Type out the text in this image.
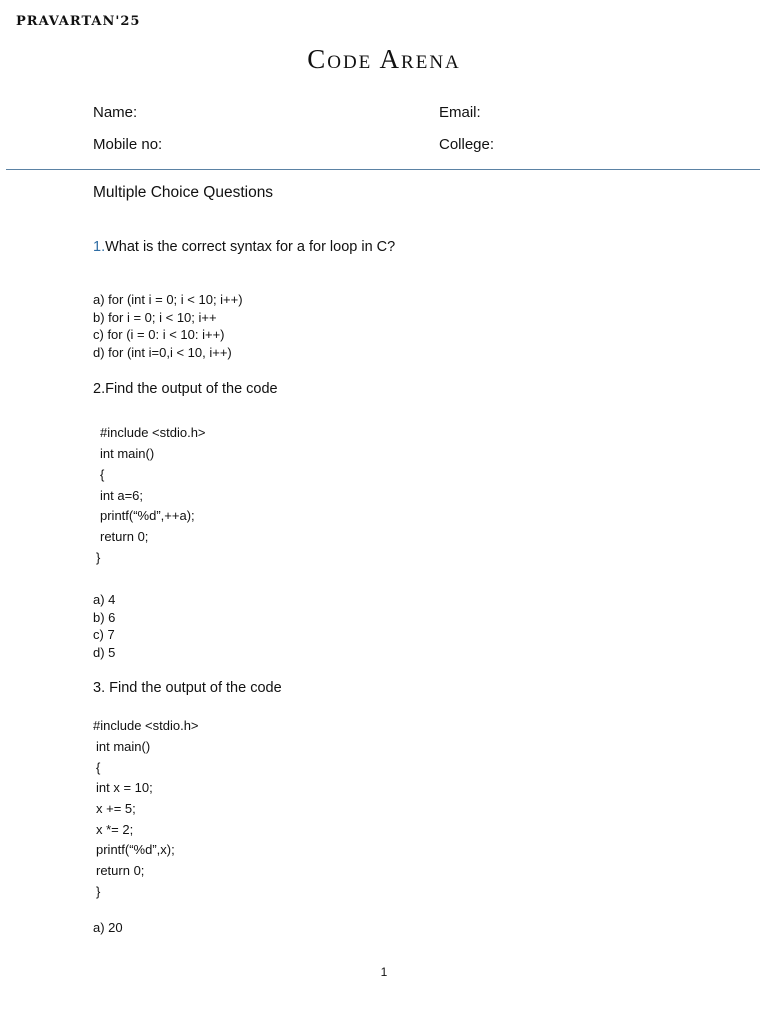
PRAVARTAN'25
Code Arena
Name:	Email:
Mobile no:	College:
Multiple Choice Questions
1.What is the correct syntax for a for loop in C?
a) for (int i = 0; i < 10; i++)
b) for i = 0; i < 10; i++
c) for (i = 0: i < 10: i++)
d) for (int i=0,i < 10, i++)
2.Find the output of the code
#include <stdio.h>
int main()
{
int a=6;
printf(“%d”,++a);
return 0;
}
a) 4
b) 6
c) 7
d) 5
3. Find the output of the code
#include <stdio.h>
int main()
{
int x = 10;
x += 5;
x *= 2;
printf(“%d”,x);
return 0;
}
a) 20
1
